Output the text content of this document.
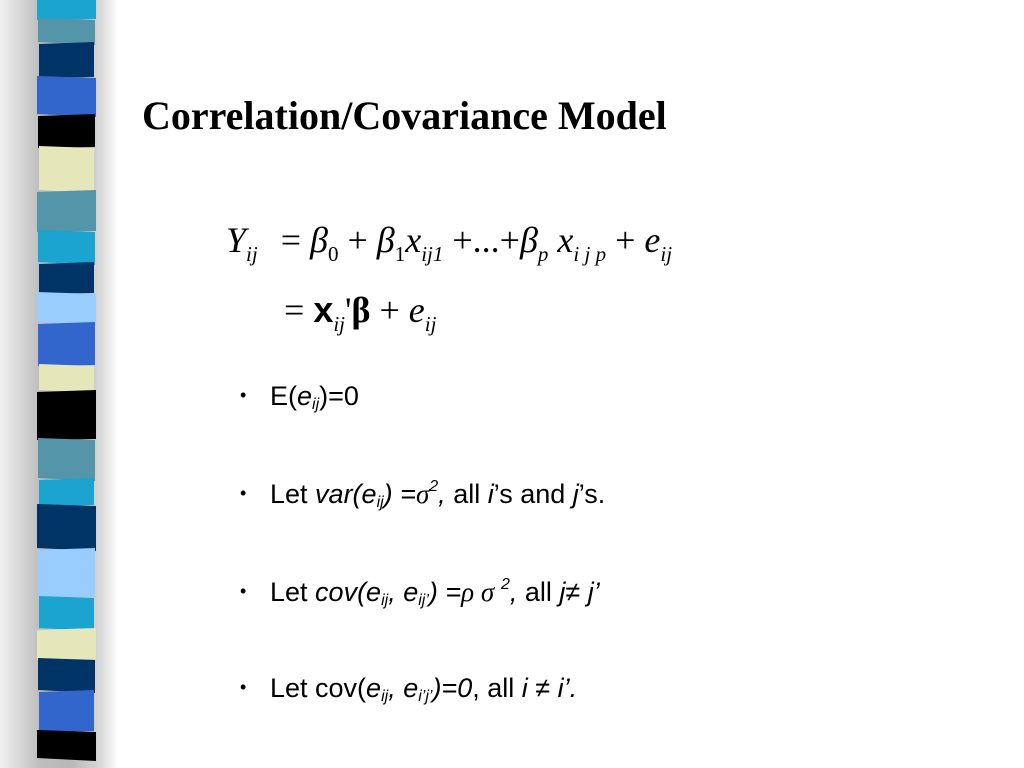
Correlation/Covariance Model
$Y_{ij} = \beta_0 + \beta_1x_{ij1} +...+\beta_p$ $x_{i j p} + e_{ij}$
= $x_{ij}'\beta + e_{ij}$
• $E(e_{ij})=0$
• Let $var(e_{ij}) =\sigma^2$, all i’s and j’s.
• Let $cov(e_{ij}$, $e_{ij’}) =\rho$ σ $^2$, all j≠ j’
• Let $cov(e_{ij}$, $e_{i’j’})=0$, all i ≠ i’.
